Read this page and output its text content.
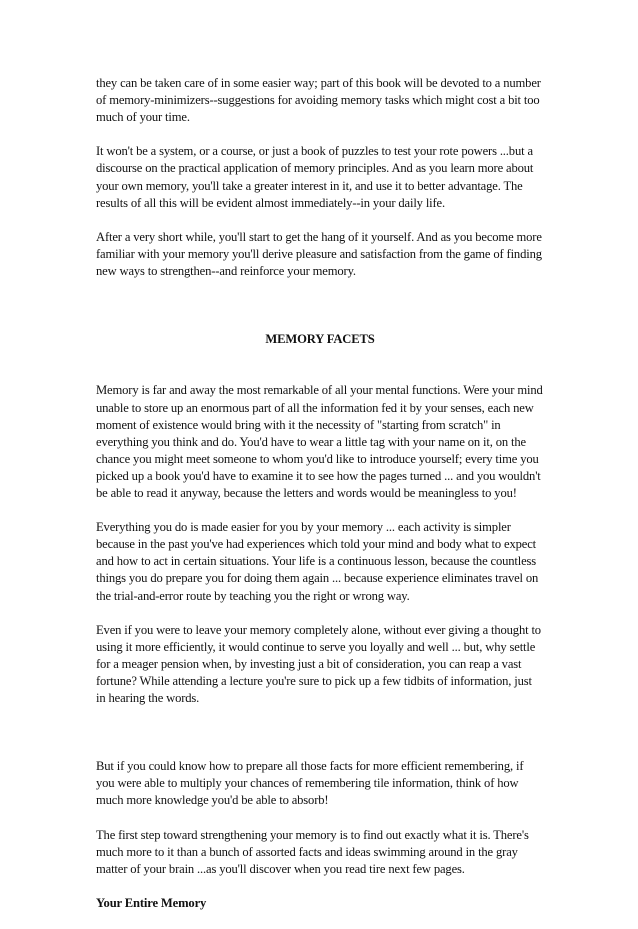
they can be taken care of in some easier way; part of this book will be devoted to a number of memory-minimizers--suggestions for avoiding memory tasks which might cost a bit too much of your time.

It won't be a system, or a course, or just a book of puzzles to test your rote powers ...but a discourse on the practical application of memory principles. And as you learn more about your own memory, you'll take a greater interest in it, and use it to better advantage. The results of all this will be evident almost immediately--in your daily life.

After a very short while, you'll start to get the hang of it yourself. And as you become more familiar with your memory you'll derive pleasure and satisfaction from the game of finding new ways to strengthen--and reinforce your memory.

MEMORY FACETS

Memory is far and away the most remarkable of all your mental functions. Were your mind unable to store up an enormous part of all the information fed it by your senses, each new moment of existence would bring with it the necessity of "starting from scratch" in everything you think and do. You'd have to wear a little tag with your name on it, on the chance you might meet someone to whom you'd like to introduce yourself; every time you picked up a book you'd have to examine it to see how the pages turned ... and you wouldn't be able to read it anyway, because the letters and words would be meaningless to you!

Everything you do is made easier for you by your memory ... each activity is simpler because in the past you've had experiences which told your mind and body what to expect and how to act in certain situations. Your life is a continuous lesson, because the countless things you do prepare you for doing them again ... because experience eliminates travel on the trial-and-error route by teaching you the right or wrong way.

Even if you were to leave your memory completely alone, without ever giving a thought to using it more efficiently, it would continue to serve you loyally and well ... but, why settle for a meager pension when, by investing just a bit of consideration, you can reap a vast fortune? While attending a lecture you're sure to pick up a few tidbits of information, just in hearing the words.

But if you could know how to prepare all those facts for more efficient remembering, if you were able to multiply your chances of remembering tile information, think of how much more knowledge you'd be able to absorb!

The first step toward strengthening your memory is to find out exactly what it is. There's much more to it than a bunch of assorted facts and ideas swimming around in the gray matter of your brain ...as you'll discover when you read tire next few pages.

Your Entire Memory
